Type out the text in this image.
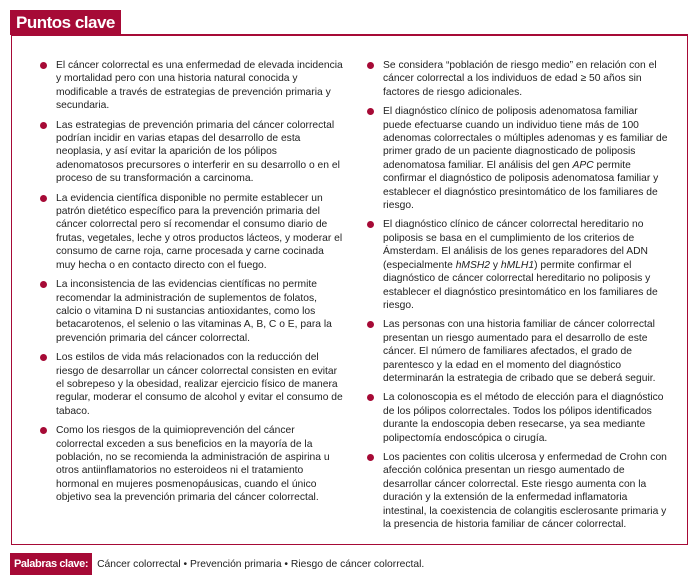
Puntos clave
El cáncer colorrectal es una enfermedad de elevada incidencia y mortalidad pero con una historia natural conocida y modificable a través de estrategias de prevención primaria y secundaria.
Las estrategias de prevención primaria del cáncer colorrectal podrían incidir en varias etapas del desarrollo de esta neoplasia, y así evitar la aparición de los pólipos adenomatosos precursores o interferir en su desarrollo o en el proceso de su transformación a carcinoma.
La evidencia científica disponible no permite establecer un patrón dietético específico para la prevención primaria del cáncer colorrectal pero sí recomendar el consumo diario de frutas, vegetales, leche y otros productos lácteos, y moderar el consumo de carne roja, carne procesada y carne cocinada muy hecha o en contacto directo con el fuego.
La inconsistencia de las evidencias científicas no permite recomendar la administración de suplementos de folatos, calcio o vitamina D ni sustancias antioxidantes, como los betacarotenos, el selenio o las vitaminas A, B, C o E, para la prevención primaria del cáncer colorrectal.
Los estilos de vida más relacionados con la reducción del riesgo de desarrollar un cáncer colorrectal consisten en evitar el sobrepeso y la obesidad, realizar ejercicio físico de manera regular, moderar el consumo de alcohol y evitar el consumo de tabaco.
Como los riesgos de la quimioprevención del cáncer colorrectal exceden a sus beneficios en la mayoría de la población, no se recomienda la administración de aspirina u otros antiinflamatorios no esteroideos ni el tratamiento hormonal en mujeres posmenopáusicas, cuando el único objetivo sea la prevención primaria del cáncer colorrectal.
Se considera “población de riesgo medio” en relación con el cáncer colorrectal a los individuos de edad ≥ 50 años sin factores de riesgo adicionales.
El diagnóstico clínico de poliposis adenomatosa familiar puede efectuarse cuando un individuo tiene más de 100 adenomas colorrectales o múltiples adenomas y es familiar de primer grado de un paciente diagnosticado de poliposis adenomatosa familiar. El análisis del gen APC permite confirmar el diagnóstico de poliposis adenomatosa familiar y establecer el diagnóstico presintomático de los familiares de riesgo.
El diagnóstico clínico de cáncer colorrectal hereditario no poliposis se basa en el cumplimiento de los criterios de Ámsterdam. El análisis de los genes reparadores del ADN (especialmente hMSH2 y hMLH1) permite confirmar el diagnóstico de cáncer colorrectal hereditario no poliposis y establecer el diagnóstico presintomático en los familiares de riesgo.
Las personas con una historia familiar de cáncer colorrectal presentan un riesgo aumentado para el desarrollo de este cáncer. El número de familiares afectados, el grado de parentesco y la edad en el momento del diagnóstico determinarán la estrategia de cribado que se deberá seguir.
La colonoscopia es el método de elección para el diagnóstico de los pólipos colorrectales. Todos los pólipos identificados durante la endoscopia deben resecarse, ya sea mediante polipectomía endoscópica o cirugía.
Los pacientes con colitis ulcerosa y enfermedad de Crohn con afección colónica presentan un riesgo aumentado de desarrollar cáncer colorrectal. Este riesgo aumenta con la duración y la extensión de la enfermedad inflamatoria intestinal, la coexistencia de colangitis esclerosante primaria y la presencia de historia familiar de cáncer colorrectal.
Palabras clave: Cáncer colorrectal • Prevención primaria • Riesgo de cáncer colorrectal.
